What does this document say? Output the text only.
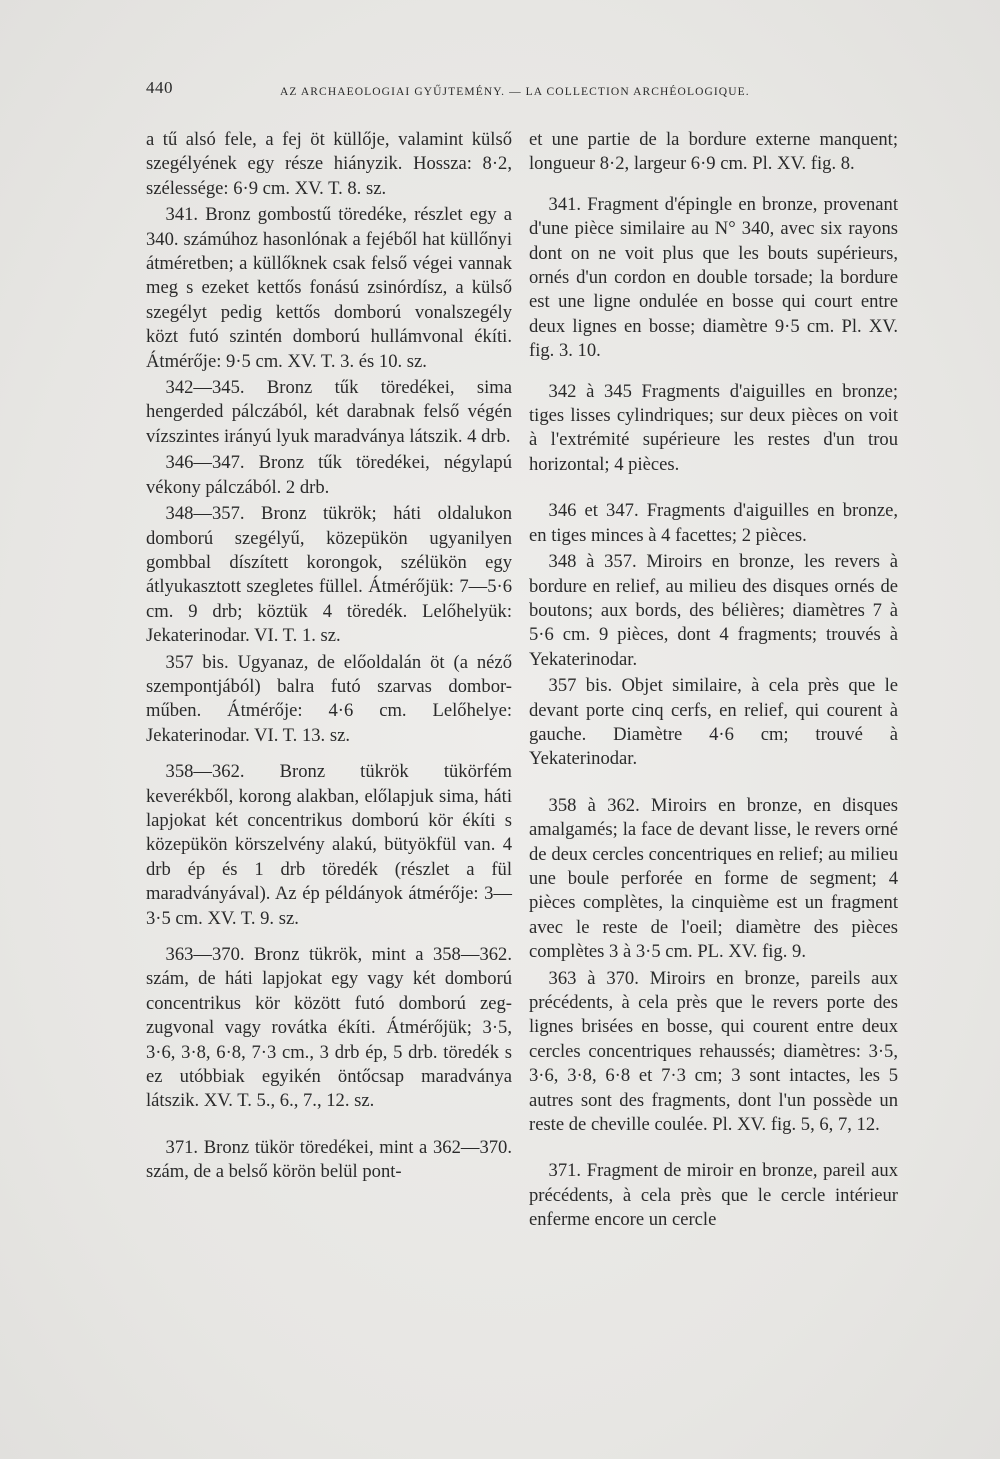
440	AZ ARCHAEOLOGIAI GYŰJTEMÉNY. — LA COLLECTION ARCHÉOLOGIQUE.

a tű alsó fele, a fej öt küllője, valamint külső szegélyének egy része hiányzik. Hossza: 8·2, szélessége: 6·9 cm. XV. T. 8. sz.

341. Bronz gombostű töredéke, részlet egy a 340. számúhoz hasonlónak a fejéből hat küllőnyi átméretben; a küllőknek csak felső végei vannak meg s ezeket kettős fonású zsinórdísz, a külső szegélyt pedig kettős domború vonalszegély közt futó szintén domború hullámvonal ékíti. Átmérője: 9·5 cm. XV. T. 3. és 10. sz.

342—345. Bronz tűk töredékei, sima hengerded pálczából, két darabnak felső végén vízszintes irányú lyuk maradványa látszik. 4 drb.

346—347. Bronz tűk töredékei, négylapú vékony pálczából. 2 drb.

348—357. Bronz tükrök; háti oldalukon domború szegélyű, közepükön ugyanilyen gombbal díszített korongok, szélükön egy átlyukasztott szegletes füllel. Átmérőjük: 7—5·6 cm. 9 drb; köztük 4 töredék. Lelőhelyük: Jekaterinodar. VI. T. 1. sz.

357 bis. Ugyanaz, de előoldalán öt (a néző szempontjából) balra futó szarvas dombor-műben. Átmérője: 4·6 cm. Lelőhelye: Jekaterinodar. VI. T. 13. sz.

358—362. Bronz tükrök tükörfém keverékből, korong alakban, előlapjuk sima, háti lapjokat két concentrikus domború kör ékíti s közepükön körszelvény alakú, bütyökfül van. 4 drb ép és 1 drb töredék (részlet a fül maradványával). Az ép példányok átmérője: 3—3·5 cm. XV. T. 9. sz.

363—370. Bronz tükrök, mint a 358—362. szám, de háti lapjokat egy vagy két domború concentrikus kör között futó domború zeg-zugvonal vagy rovátka ékíti. Átmérőjük; 3·5, 3·6, 3·8, 6·8, 7·3 cm., 3 drb ép, 5 drb. töredék s ez utóbbiak egyikén öntőcsap maradványa látszik. XV. T. 5., 6., 7., 12. sz.

371. Bronz tükör töredékei, mint a 362—370. szám, de a belső körön belül pont-

et une partie de la bordure externe manquent; longueur 8·2, largeur 6·9 cm. Pl. XV. fig. 8.

341. Fragment d'épingle en bronze, provenant d'une pièce similaire au N° 340, avec six rayons dont on ne voit plus que les bouts supérieurs, ornés d'un cordon en double torsade; la bordure est une ligne ondulée en bosse qui court entre deux lignes en bosse; diamètre 9·5 cm. Pl. XV. fig. 3. 10.

342 à 345 Fragments d'aiguilles en bronze; tiges lisses cylindriques; sur deux pièces on voit à l'extrémité supérieure les restes d'un trou horizontal; 4 pièces.

346 et 347. Fragments d'aiguilles en bronze, en tiges minces à 4 facettes; 2 pièces.

348 à 357. Miroirs en bronze, les revers à bordure en relief, au milieu des disques ornés de boutons; aux bords, des bélières; diamètres 7 à 5·6 cm. 9 pièces, dont 4 fragments; trouvés à Yekaterinodar.

357 bis. Objet similaire, à cela près que le devant porte cinq cerfs, en relief, qui courent à gauche. Diamètre 4·6 cm; trouvé à Yekaterinodar.

358 à 362. Miroirs en bronze, en disques amalgamés; la face de devant lisse, le revers orné de deux cercles concentriques en relief; au milieu une boule perforée en forme de segment; 4 pièces complètes, la cinquième est un fragment avec le reste de l'oeil; diamètre des pièces complètes 3 à 3·5 cm. PL. XV. fig. 9.

363 à 370. Miroirs en bronze, pareils aux précédents, à cela près que le revers porte des lignes brisées en bosse, qui courent entre deux cercles concentriques rehaussés; diamètres: 3·5, 3·6, 3·8, 6·8 et 7·3 cm; 3 sont intactes, les 5 autres sont des fragments, dont l'un possède un reste de cheville coulée. Pl. XV. fig. 5, 6, 7, 12.

371. Fragment de miroir en bronze, pareil aux précédents, à cela près que le cercle intérieur enferme encore un cercle
